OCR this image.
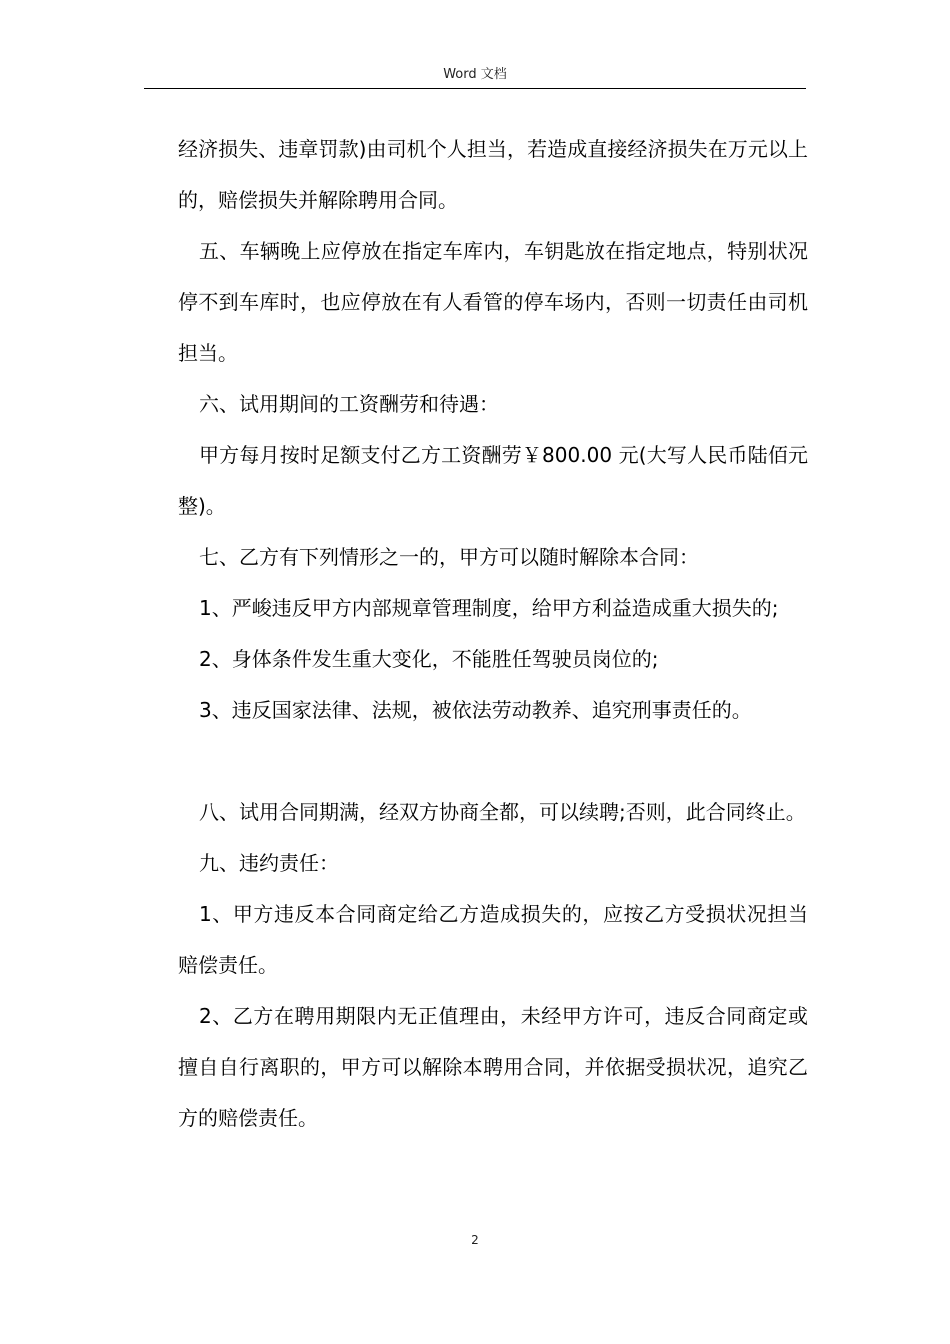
Word 文档

经济损失、违章罚款)由司机个人担当，若造成直接经济损失在万元以上的，赔偿损失并解除聘用合同。

五、车辆晚上应停放在指定车库内，车钥匙放在指定地点，特别状况停不到车库时，也应停放在有人看管的停车场内，否则一切责任由司机担当。

六、试用期间的工资酬劳和待遇：

甲方每月按时足额支付乙方工资酬劳￥800.00 元(大写人民币陆佰元整)。

七、乙方有下列情形之一的，甲方可以随时解除本合同：

1、严峻违反甲方内部规章管理制度，给甲方利益造成重大损失的;

2、身体条件发生重大变化，不能胜任驾驶员岗位的;

3、违反国家法律、法规，被依法劳动教养、追究刑事责任的。

八、试用合同期满，经双方协商全都，可以续聘;否则，此合同终止。

九、违约责任：

1、甲方违反本合同商定给乙方造成损失的，应按乙方受损状况担当赔偿责任。

2、乙方在聘用期限内无正值理由，未经甲方许可，违反合同商定或擅自自行离职的，甲方可以解除本聘用合同，并依据受损状况，追究乙方的赔偿责任。

2
